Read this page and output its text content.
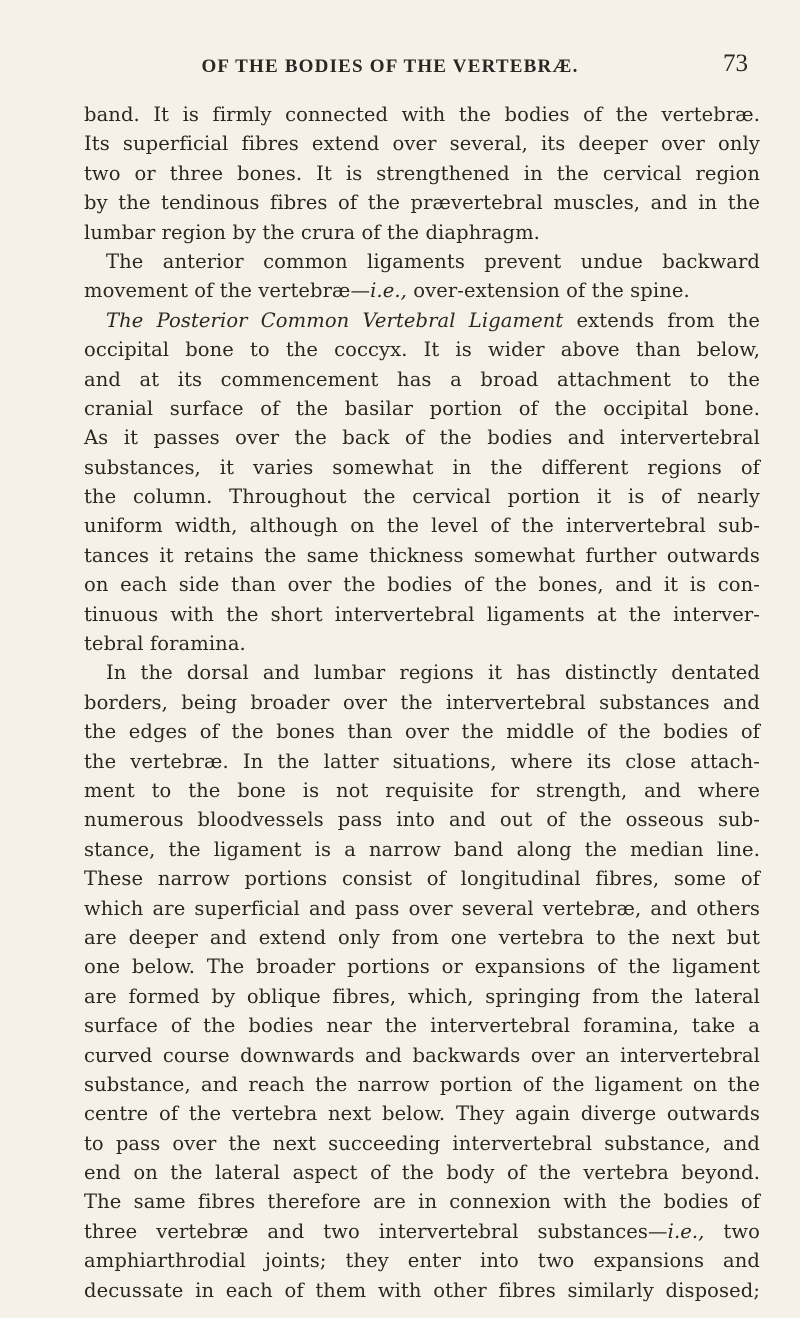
OF THE BODIES OF THE VERTEBRÆ.	73
band. It is firmly connected with the bodies of the vertebræ.
Its superficial fibres extend over several, its deeper over only
two or three bones. It is strengthened in the cervical region
by the tendinous fibres of the prævertebral muscles, and in the
lumbar region by the crura of the diaphragm.
The anterior common ligaments prevent undue backward
movement of the vertebræ—i.e., over-extension of the spine.
The Posterior Common Vertebral Ligament extends from the
occipital bone to the coccyx. It is wider above than below,
and at its commencement has a broad attachment to the
cranial surface of the basilar portion of the occipital bone.
As it passes over the back of the bodies and intervertebral
substances, it varies somewhat in the different regions of
the column. Throughout the cervical portion it is of nearly
uniform width, although on the level of the intervertebral sub-
tances it retains the same thickness somewhat further outwards
on each side than over the bodies of the bones, and it is con-
tinuous with the short intervertebral ligaments at the interver-
tebral foramina.
In the dorsal and lumbar regions it has distinctly dentated
borders, being broader over the intervertebral substances and
the edges of the bones than over the middle of the bodies of
the vertebræ. In the latter situations, where its close attach-
ment to the bone is not requisite for strength, and where
numerous bloodvessels pass into and out of the osseous sub-
stance, the ligament is a narrow band along the median line.
These narrow portions consist of longitudinal fibres, some of
which are superficial and pass over several vertebræ, and others
are deeper and extend only from one vertebra to the next but
one below. The broader portions or expansions of the ligament
are formed by oblique fibres, which, springing from the lateral
surface of the bodies near the intervertebral foramina, take a
curved course downwards and backwards over an intervertebral
substance, and reach the narrow portion of the ligament on the
centre of the vertebra next below. They again diverge outwards
to pass over the next succeeding intervertebral substance, and
end on the lateral aspect of the body of the vertebra beyond.
The same fibres therefore are in connexion with the bodies of
three vertebræ and two intervertebral substances—i.e., two
amphiarthrodial joints; they enter into two expansions and
decussate in each of them with other fibres similarly disposed;
